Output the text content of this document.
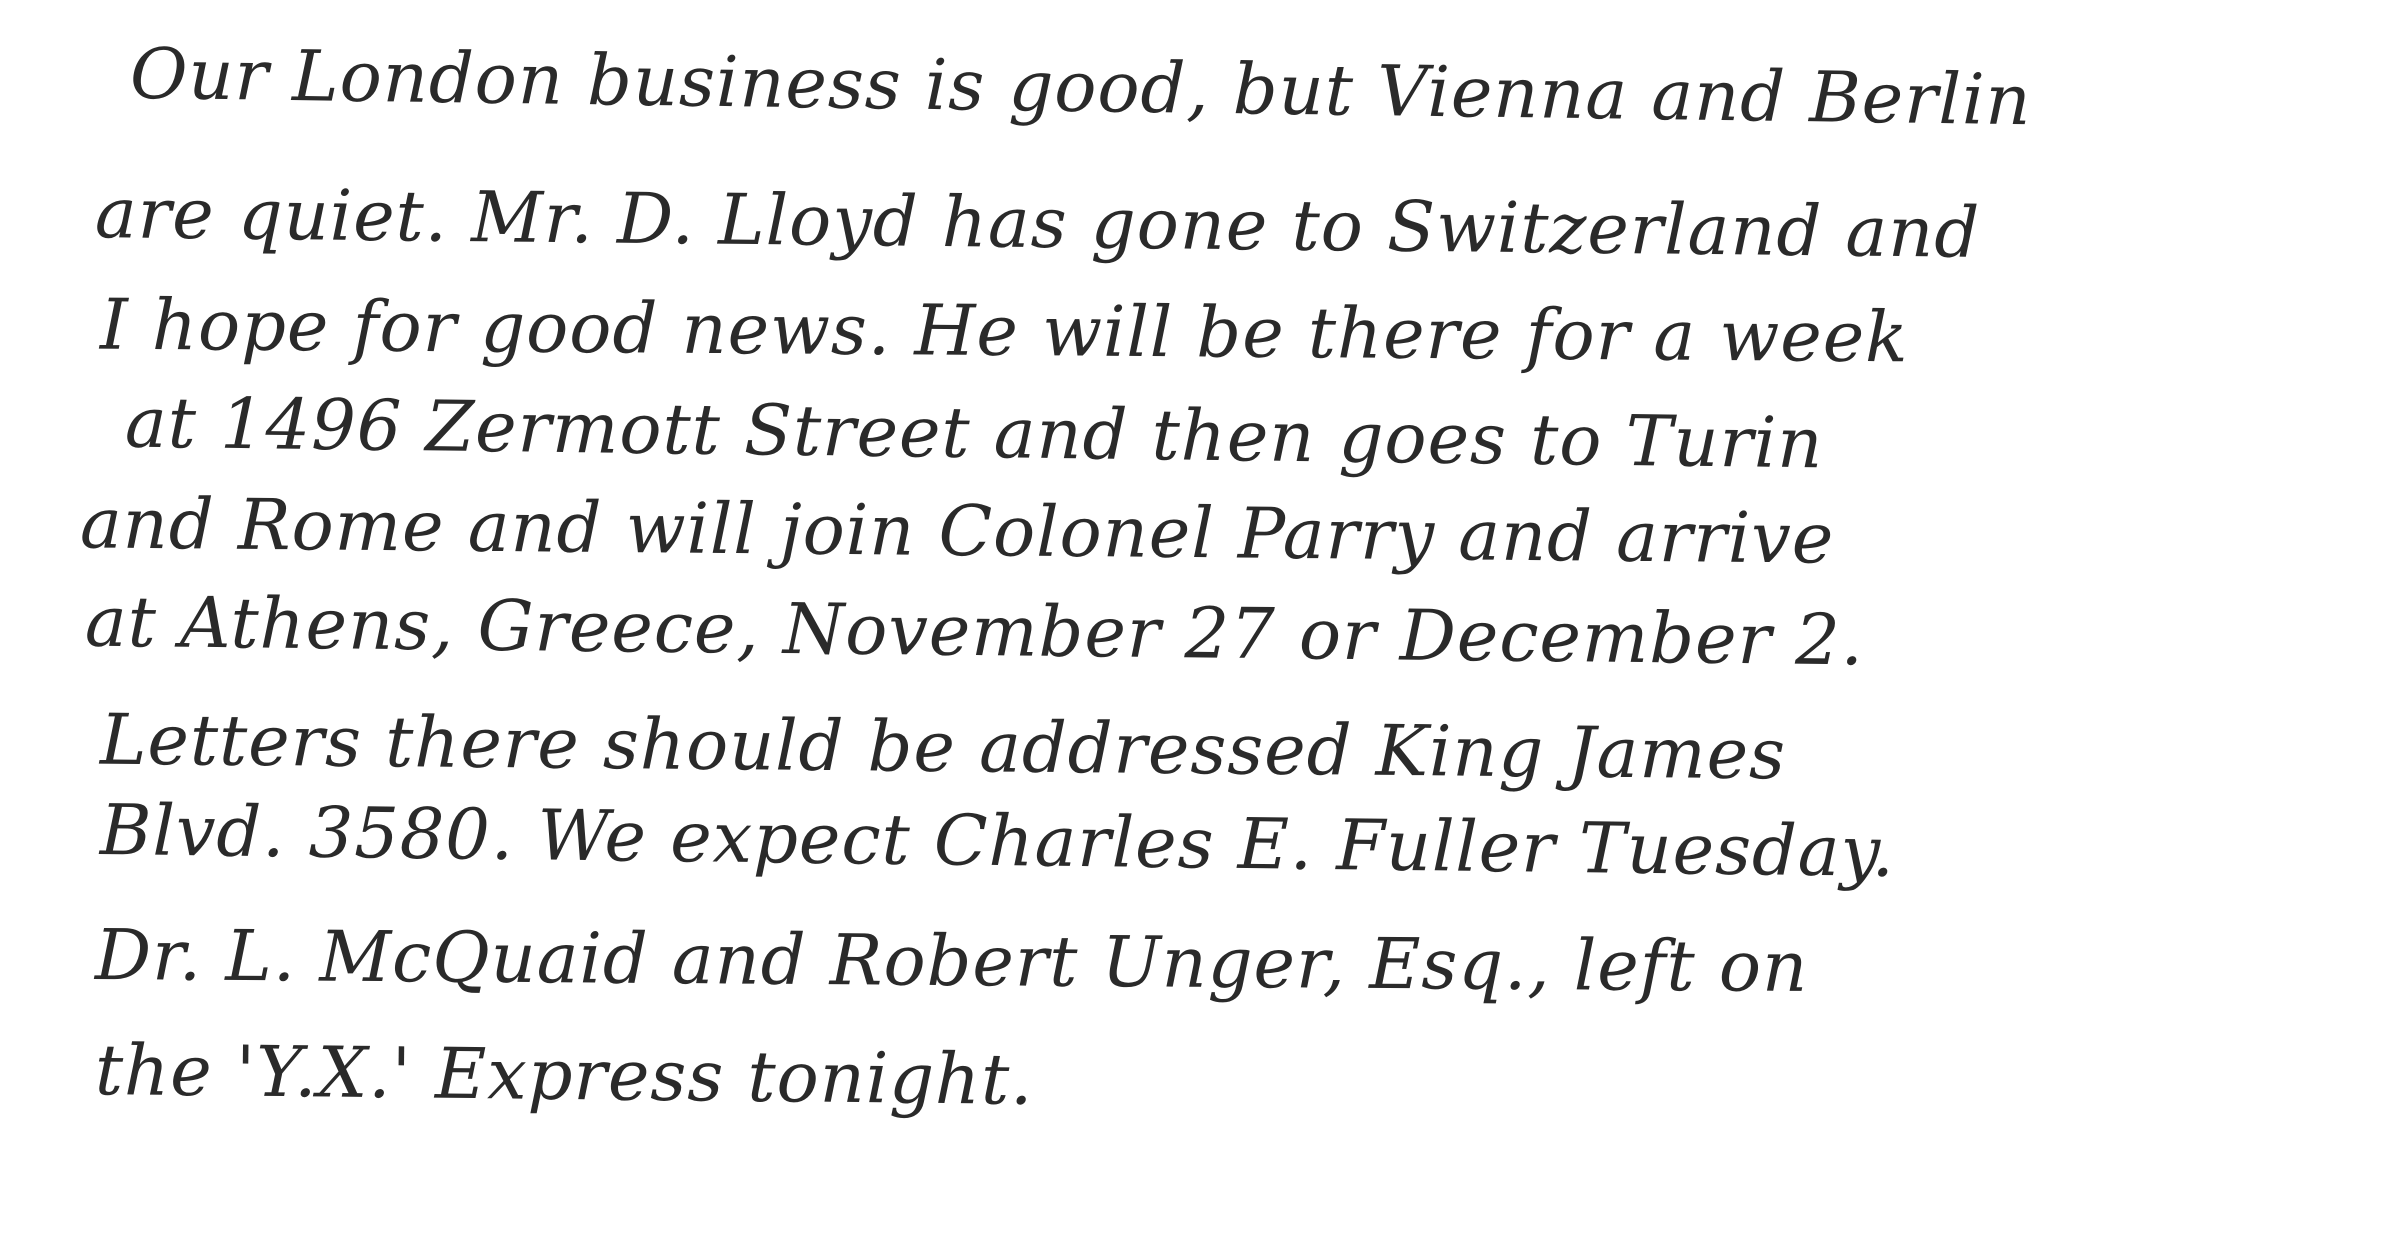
Our London business is good, but Vienna and Berlin
are quiet. Mr. D. Lloyd has gone to Switzerland and
I hope for good news. He will be there for a week
at 1496 Zermott Street and then goes to Turin
and Rome and will join Colonel Parry and arrive
at Athens, Greece, November 27 or December 2.
Letters there should be addressed King James
Blvd. 3580. We expect Charles E. Fuller Tuesday.
Dr. L. McQuaid and Robert Unger, Esq., left on
the 'Y.X.' Express tonight.
